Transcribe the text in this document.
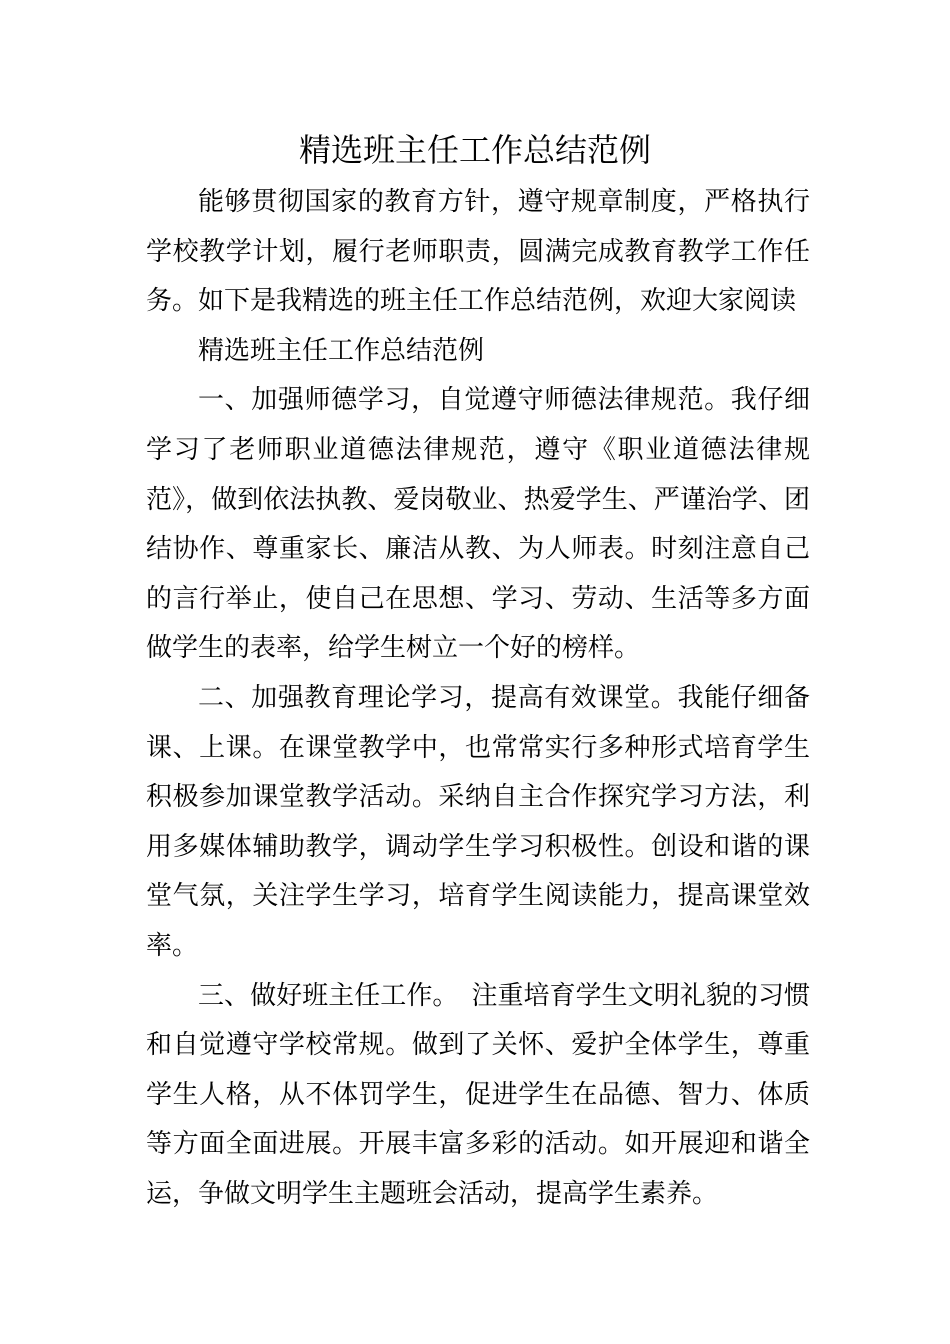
精选班主任工作总结范例

能够贯彻国家的教育方针，遵守规章制度，严格执行学校教学计划，履行老师职责，圆满完成教育教学工作任务。如下是我精选的班主任工作总结范例，欢迎大家阅读

精选班主任工作总结范例

一、加强师德学习，自觉遵守师德法律规范。我仔细学习了老师职业道德法律规范，遵守《职业道德法律规范》，做到依法执教、爱岗敬业、热爱学生、严谨治学、团结协作、尊重家长、廉洁从教、为人师表。时刻注意自己的言行举止，使自己在思想、学习、劳动、生活等多方面做学生的表率，给学生树立一个好的榜样。

二、加强教育理论学习，提高有效课堂。我能仔细备课、上课。在课堂教学中，也常常实行多种形式培育学生积极参加课堂教学活动。采纳自主合作探究学习方法，利用多媒体辅助教学，调动学生学习积极性。创设和谐的课堂气氛，关注学生学习，培育学生阅读能力，提高课堂效率。

三、做好班主任工作。　注重培育学生文明礼貌的习惯和自觉遵守学校常规。做到了关怀、爱护全体学生，尊重学生人格，从不体罚学生，促进学生在品德、智力、体质等方面全面进展。开展丰富多彩的活动。如开展迎和谐全运，争做文明学生主题班会活动，提高学生素养。
